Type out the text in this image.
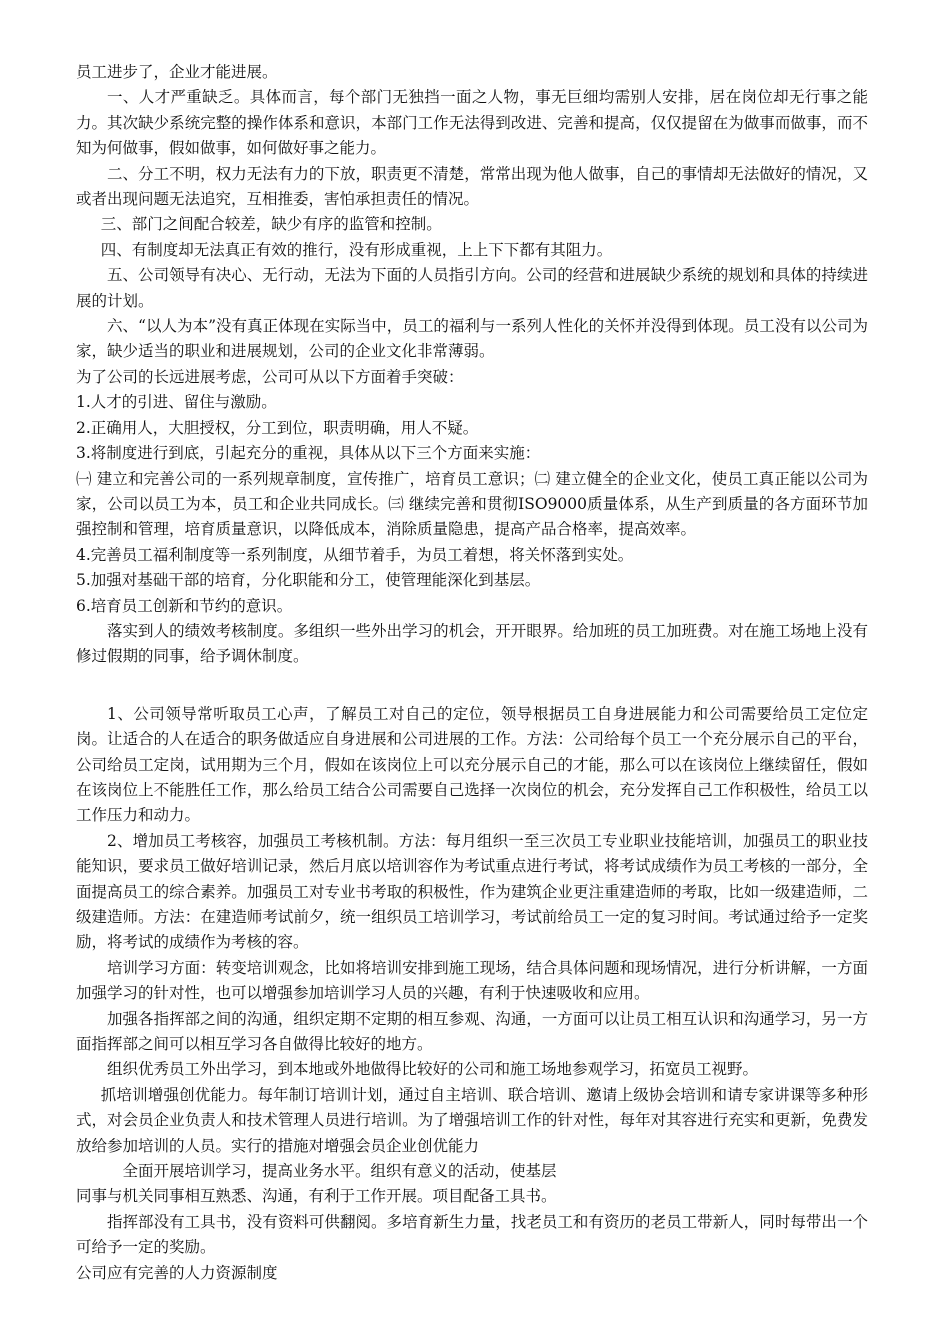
员工进步了，企业才能进展。

一、人才严重缺乏。具体而言，每个部门无独挡一面之人物，事无巨细均需别人安排，居在岗位却无行事之能力。其次缺少系统完整的操作体系和意识，本部门工作无法得到改进、完善和提高，仅仅提留在为做事而做事，而不知为何做事，假如做事，如何做好事之能力。

二、分工不明，权力无法有力的下放，职责更不清楚，常常出现为他人做事，自己的事情却无法做好的情况，又或者出现问题无法追究，互相推委，害怕承担责任的情况。

三、部门之间配合较差，缺少有序的监管和控制。

四、有制度却无法真正有效的推行，没有形成重视，上上下下都有其阻力。

五、公司领导有决心、无行动，无法为下面的人员指引方向。公司的经营和进展缺少系统的规划和具体的持续进展的计划。

六、“以人为本”没有真正体现在实际当中，员工的福利与一系列人性化的关怀并没得到体现。员工没有以公司为家，缺少适当的职业和进展规划，公司的企业文化非常薄弱。

为了公司的长远进展考虑，公司可从以下方面着手突破：

1.人才的引进、留住与激励。

2.正确用人，大胆授权，分工到位，职责明确，用人不疑。

3.将制度进行到底，引起充分的重视，具体从以下三个方面来实施：

㈠ 建立和完善公司的一系列规章制度，宣传推广，培育员工意识；㈡ 建立健全的企业文化，使员工真正能以公司为家，公司以员工为本，员工和企业共同成长。㈢ 继续完善和贯彻ISO9000质量体系，从生产到质量的各方面环节加强控制和管理，培育质量意识，以降低成本，消除质量隐患，提高产品合格率，提高效率。

4.完善员工福利制度等一系列制度，从细节着手，为员工着想，将关怀落到实处。

5.加强对基础干部的培育，分化职能和分工，使管理能深化到基层。

6.培育员工创新和节约的意识。

落实到人的绩效考核制度。多组织一些外出学习的机会，开开眼界。给加班的员工加班费。对在施工场地上没有修过假期的同事，给予调休制度。

1、公司领导常听取员工心声，了解员工对自己的定位，领导根据员工自身进展能力和公司需要给员工定位定岗。让适合的人在适合的职务做适应自身进展和公司进展的工作。方法：公司给每个员工一个充分展示自己的平台，公司给员工定岗，试用期为三个月，假如在该岗位上可以充分展示自己的才能，那么可以在该岗位上继续留任，假如在该岗位上不能胜任工作，那么给员工结合公司需要自己选择一次岗位的机会，充分发挥自己工作积极性，给员工以工作压力和动力。

2、增加员工考核容，加强员工考核机制。方法：每月组织一至三次员工专业职业技能培训，加强员工的职业技能知识，要求员工做好培训记录，然后月底以培训容作为考试重点进行考试，将考试成绩作为员工考核的一部分，全面提高员工的综合素养。加强员工对专业书考取的积极性，作为建筑企业更注重建造师的考取，比如一级建造师，二级建造师。方法：在建造师考试前夕，统一组织员工培训学习，考试前给员工一定的复习时间。考试通过给予一定奖励，将考试的成绩作为考核的容。

培训学习方面：转变培训观念，比如将培训安排到施工现场，结合具体问题和现场情况，进行分析讲解，一方面加强学习的针对性，也可以增强参加培训学习人员的兴趣，有利于快速吸收和应用。

加强各指挥部之间的沟通，组织定期不定期的相互参观、沟通，一方面可以让员工相互认识和沟通学习，另一方面指挥部之间可以相互学习各自做得比较好的地方。

组织优秀员工外出学习，到本地或外地做得比较好的公司和施工场地参观学习，拓宽员工视野。

抓培训增强创优能力。每年制订培训计划，通过自主培训、联合培训、邀请上级协会培训和请专家讲课等多种形式，对会员企业负责人和技术管理人员进行培训。为了增强培训工作的针对性，每年对其容进行充实和更新，免费发放给参加培训的人员。实行的措施对增强会员企业创优能力

全面开展培训学习，提高业务水平。组织有意义的活动，使基层

同事与机关同事相互熟悉、沟通，有利于工作开展。项目配备工具书。

指挥部没有工具书，没有资料可供翻阅。多培育新生力量，找老员工和有资历的老员工带新人，同时每带出一个可给予一定的奖励。

公司应有完善的人力资源制度
